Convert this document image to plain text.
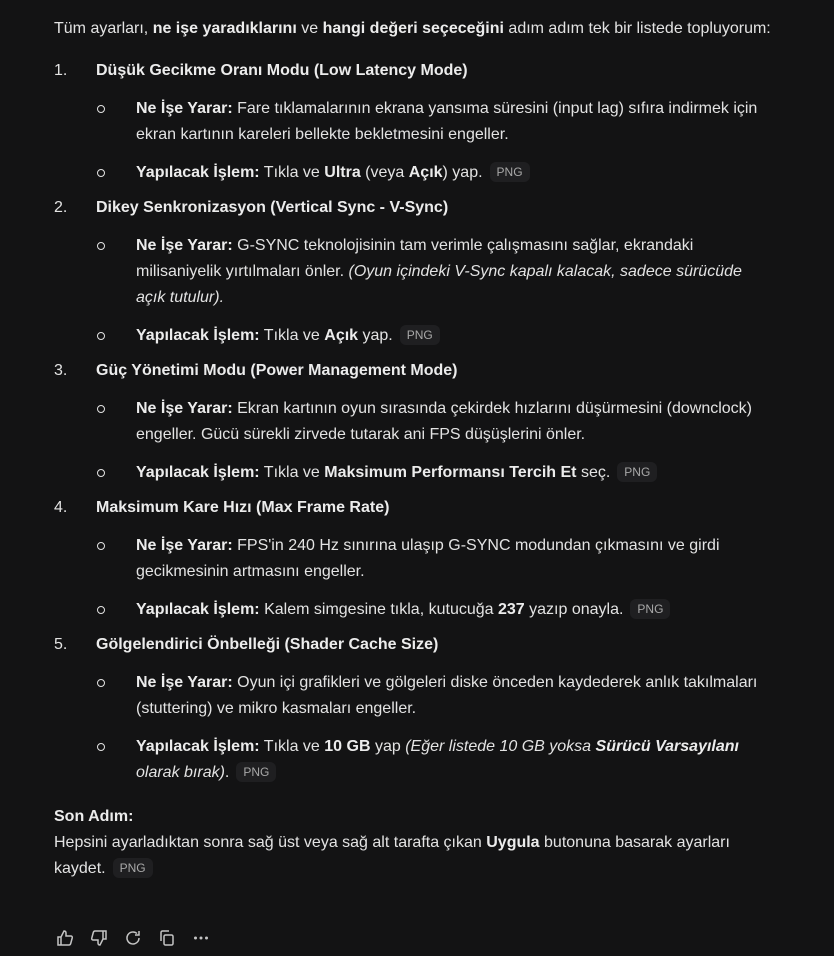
Tüm ayarları, ne işe yaradıklarını ve hangi değeri seçeceğini adım adım tek bir listede topluyorum:

1. Düşük Gecikme Oranı Modu (Low Latency Mode)
Ne İşe Yarar: Fare tıklamalarının ekrana yansıma süresini (input lag) sıfıra indirmek için ekran kartının kareleri bellekte bekletmesini engeller.
Yapılacak İşlem: Tıkla ve Ultra (veya Açık) yap. PNG
2. Dikey Senkronizasyon (Vertical Sync - V-Sync)
Ne İşe Yarar: G-SYNC teknolojisinin tam verimle çalışmasını sağlar, ekrandaki milisaniyelik yırtılmaları önler. (Oyun içindeki V-Sync kapalı kalacak, sadece sürücüde açık tutulur).
Yapılacak İşlem: Tıkla ve Açık yap. PNG
3. Güç Yönetimi Modu (Power Management Mode)
Ne İşe Yarar: Ekran kartının oyun sırasında çekirdek hızlarını düşürmesini (downclock) engeller. Gücü sürekli zirvede tutarak ani FPS düşüşlerini önler.
Yapılacak İşlem: Tıkla ve Maksimum Performansı Tercih Et seç. PNG
4. Maksimum Kare Hızı (Max Frame Rate)
Ne İşe Yarar: FPS'in 240 Hz sınırına ulaşıp G-SYNC modundan çıkmasını ve girdi gecikmesinin artmasını engeller.
Yapılacak İşlem: Kalem simgesine tıkla, kutucuğa 237 yazıp onayla. PNG
5. Gölgelendirici Önbelleği (Shader Cache Size)
Ne İşe Yarar: Oyun içi grafikleri ve gölgeleri diske önceden kaydederek anlık takılmaları (stuttering) ve mikro kasmaları engeller.
Yapılacak İşlem: Tıkla ve 10 GB yap (Eğer listede 10 GB yoksa Sürücü Varsayılanı olarak bırak). PNG

Son Adım:
Hepsini ayarladıktan sonra sağ üst veya sağ alt tarafta çıkan Uygula butonuna basarak ayarları kaydet. PNG
